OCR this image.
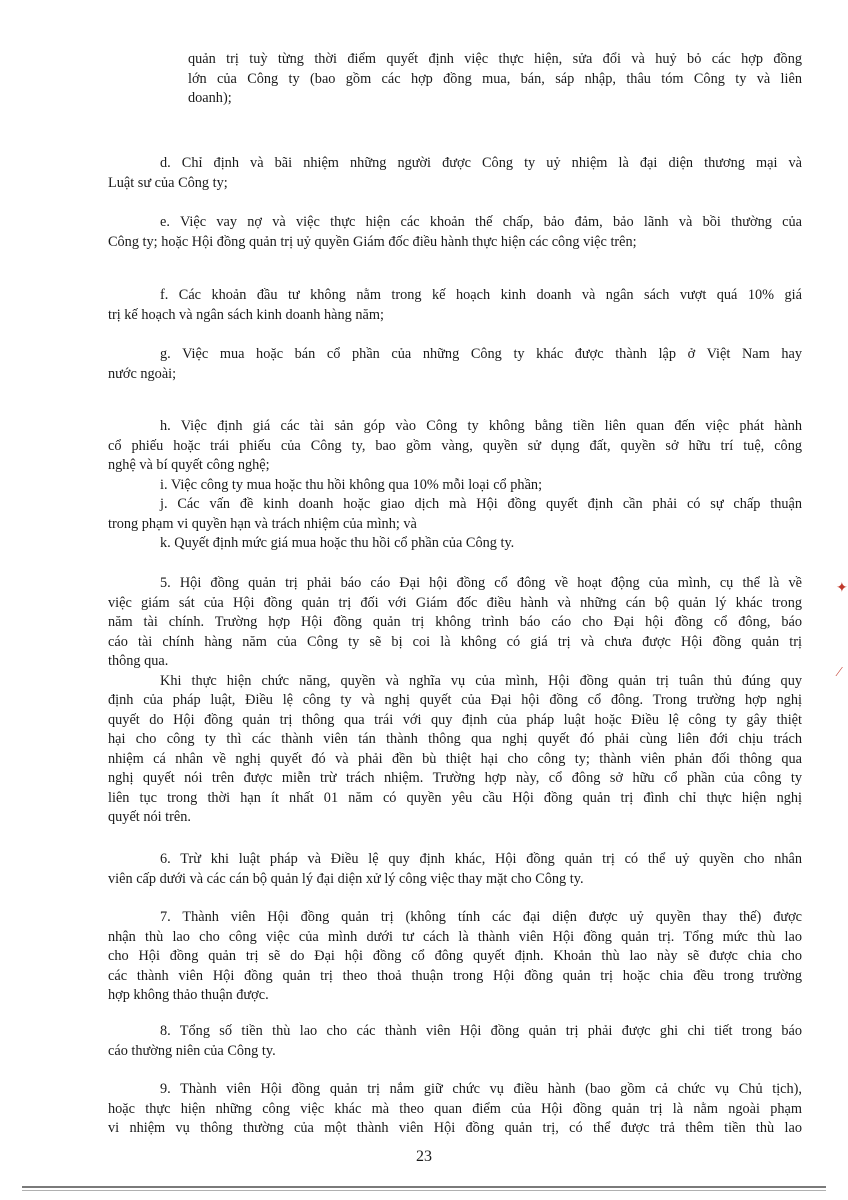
quản trị tuỳ từng thời điểm quyết định việc thực hiện, sửa đổi và huỷ bỏ các hợp đồng
lớn của Công ty (bao gồm các hợp đồng mua, bán, sáp nhập, thâu tóm Công ty và liên
doanh);
d. Chỉ định và bãi nhiệm những người được Công ty uỷ nhiệm là đại diện thương mại và
Luật sư của Công ty;
e. Việc vay nợ và việc thực hiện các khoản thế chấp, bảo đảm, bảo lãnh và bồi thường của
Công ty; hoặc Hội đồng quản trị uỷ quyền Giám đốc điều hành thực hiện các công việc trên;
f. Các khoản đầu tư không nằm trong kế hoạch kinh doanh và ngân sách vượt quá 10% giá
trị kế hoạch và ngân sách kinh doanh hàng năm;
g. Việc mua hoặc bán cổ phần của những Công ty khác được thành lập ở Việt Nam hay
nước ngoài;
h. Việc định giá các tài sản góp vào Công ty không bằng tiền liên quan đến việc phát hành
cổ phiếu hoặc trái phiếu của Công ty, bao gồm vàng, quyền sử dụng đất, quyền sở hữu trí tuệ, công
nghệ và bí quyết công nghệ;
i. Việc công ty mua hoặc thu hồi không qua 10% mỗi loại cổ phần;
j. Các vấn đề kinh doanh hoặc giao dịch mà Hội đồng quyết định cần phải có sự chấp thuận
trong phạm vi quyền hạn và trách nhiệm của mình; và
k. Quyết định mức giá mua hoặc thu hồi cổ phần của Công ty.
5. Hội đồng quản trị phải báo cáo Đại hội đồng cổ đông về hoạt động của mình, cụ thể là về
việc giám sát của Hội đồng quản trị đối với Giám đốc điều hành và những cán bộ quản lý khác trong
năm tài chính. Trường hợp Hội đồng quản trị không trình báo cáo cho Đại hội đồng cổ đông, báo
cáo tài chính hàng năm của Công ty sẽ bị coi là không có giá trị và chưa được Hội đồng quản trị
thông qua.
Khi thực hiện chức năng, quyền và nghĩa vụ của mình, Hội đồng quản trị tuân thủ đúng quy
định của pháp luật, Điều lệ công ty và nghị quyết của Đại hội đồng cổ đông. Trong trường hợp nghị
quyết do Hội đồng quản trị thông qua trái với quy định của pháp luật hoặc Điều lệ công ty gây thiệt
hại cho công ty thì các thành viên tán thành thông qua nghị quyết đó phải cùng liên đới chịu trách
nhiệm cá nhân về nghị quyết đó và phải đền bù thiệt hại cho công ty; thành viên phản đối thông qua
nghị quyết nói trên được miễn trừ trách nhiệm. Trường hợp này, cổ đông sở hữu cổ phần của công ty
liên tục trong thời hạn ít nhất 01 năm có quyền yêu cầu Hội đồng quản trị đình chỉ thực hiện nghị
quyết nói trên.
6. Trừ khi luật pháp và Điều lệ quy định khác, Hội đồng quản trị có thể uỷ quyền cho nhân
viên cấp dưới và các cán bộ quản lý đại diện xử lý công việc thay mặt cho Công ty.
7. Thành viên Hội đồng quản trị (không tính các đại diện được uỷ quyền thay thế) được
nhận thù lao cho công việc của mình dưới tư cách là thành viên Hội đồng quản trị. Tổng mức thù lao
cho Hội đồng quản trị sẽ do Đại hội đồng cổ đông quyết định. Khoản thù lao này sẽ được chia cho
các thành viên Hội đồng quản trị theo thoả thuận trong Hội đồng quản trị hoặc chia đều trong trường
hợp không thảo thuận được.
8. Tổng số tiền thù lao cho các thành viên Hội đồng quản trị phải được ghi chi tiết trong báo
cáo thường niên của Công ty.
9. Thành viên Hội đồng quản trị nắm giữ chức vụ điều hành (bao gồm cả chức vụ Chủ tịch),
hoặc thực hiện những công việc khác mà theo quan điểm của Hội đồng quản trị là nằm ngoài phạm
vi nhiệm vụ thông thường của một thành viên Hội đồng quản trị, có thể được trả thêm tiền thù lao
23
✦
⁄
